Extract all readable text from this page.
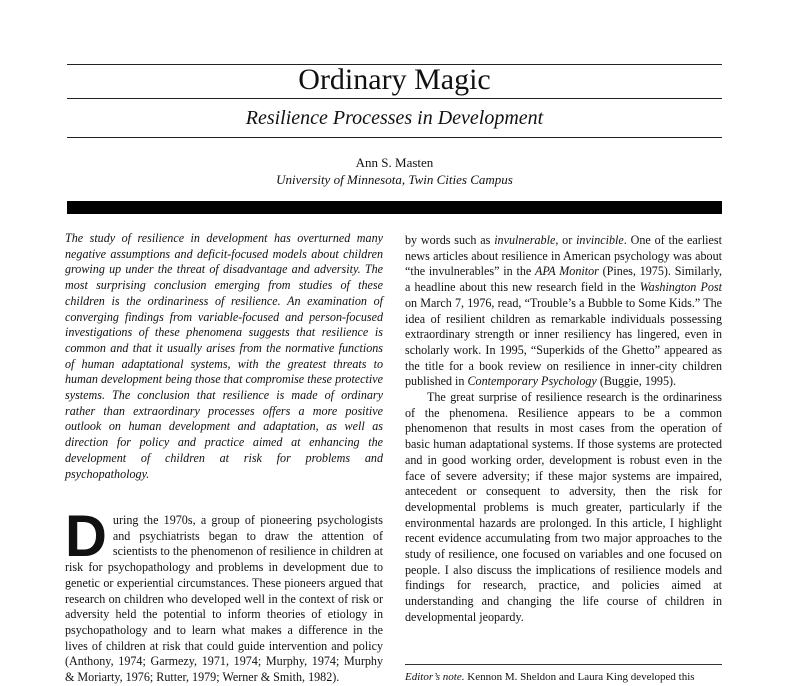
Ordinary Magic
Resilience Processes in Development
Ann S. Masten
University of Minnesota, Twin Cities Campus

The study of resilience in development has overturned many negative assumptions and deficit-focused models about children growing up under the threat of disadvantage and adversity. The most surprising conclusion emerging from studies of these children is the ordinariness of resilience. An examination of converging findings from variable-focused and person-focused investigations of these phenomena suggests that resilience is common and that it usually arises from the normative functions of human adaptational systems, with the greatest threats to human development being those that compromise these protective systems. The conclusion that resilience is made of ordinary rather than extraordinary processes offers a more positive outlook on human development and adaptation, as well as direction for policy and practice aimed at enhancing the development of children at risk for problems and psychopathology.

During the 1970s, a group of pioneering psychologists and psychiatrists began to draw the attention of scientists to the phenomenon of resilience in children at risk for psychopathology and problems in development due to genetic or experiential circumstances. These pioneers argued that research on children who developed well in the context of risk or adversity held the potential to inform theories of etiology in psychopathology and to learn what makes a difference in the lives of children at risk that could guide intervention and policy (Anthony, 1974; Garmezy, 1971, 1974; Murphy, 1974; Murphy & Moriarty, 1976; Rutter, 1979; Werner & Smith, 1982).

by words such as invulnerable, or invincible. One of the earliest news articles about resilience in American psychology was about “the invulnerables” in the APA Monitor (Pines, 1975). Similarly, a headline about this new research field in the Washington Post on March 7, 1976, read, “Trouble’s a Bubble to Some Kids.” The idea of resilient children as remarkable individuals possessing extraordinary strength or inner resiliency has lingered, even in scholarly work. In 1995, “Superkids of the Ghetto” appeared as the title for a book review on resilience in inner-city children published in Contemporary Psychology (Buggie, 1995).

The great surprise of resilience research is the ordinariness of the phenomena. Resilience appears to be a common phenomenon that results in most cases from the operation of basic human adaptational systems. If those systems are protected and in good working order, development is robust even in the face of severe adversity; if these major systems are impaired, antecedent or consequent to adversity, then the risk for developmental problems is much greater, particularly if the environmental hazards are prolonged. In this article, I highlight recent evidence accumulating from two major approaches to the study of resilience, one focused on variables and one focused on people. I also discuss the implications of resilience models and findings for research, practice, and policies aimed at understanding and changing the life course of children in developmental jeopardy.

Editor’s note. Kennon M. Sheldon and Laura King developed this
